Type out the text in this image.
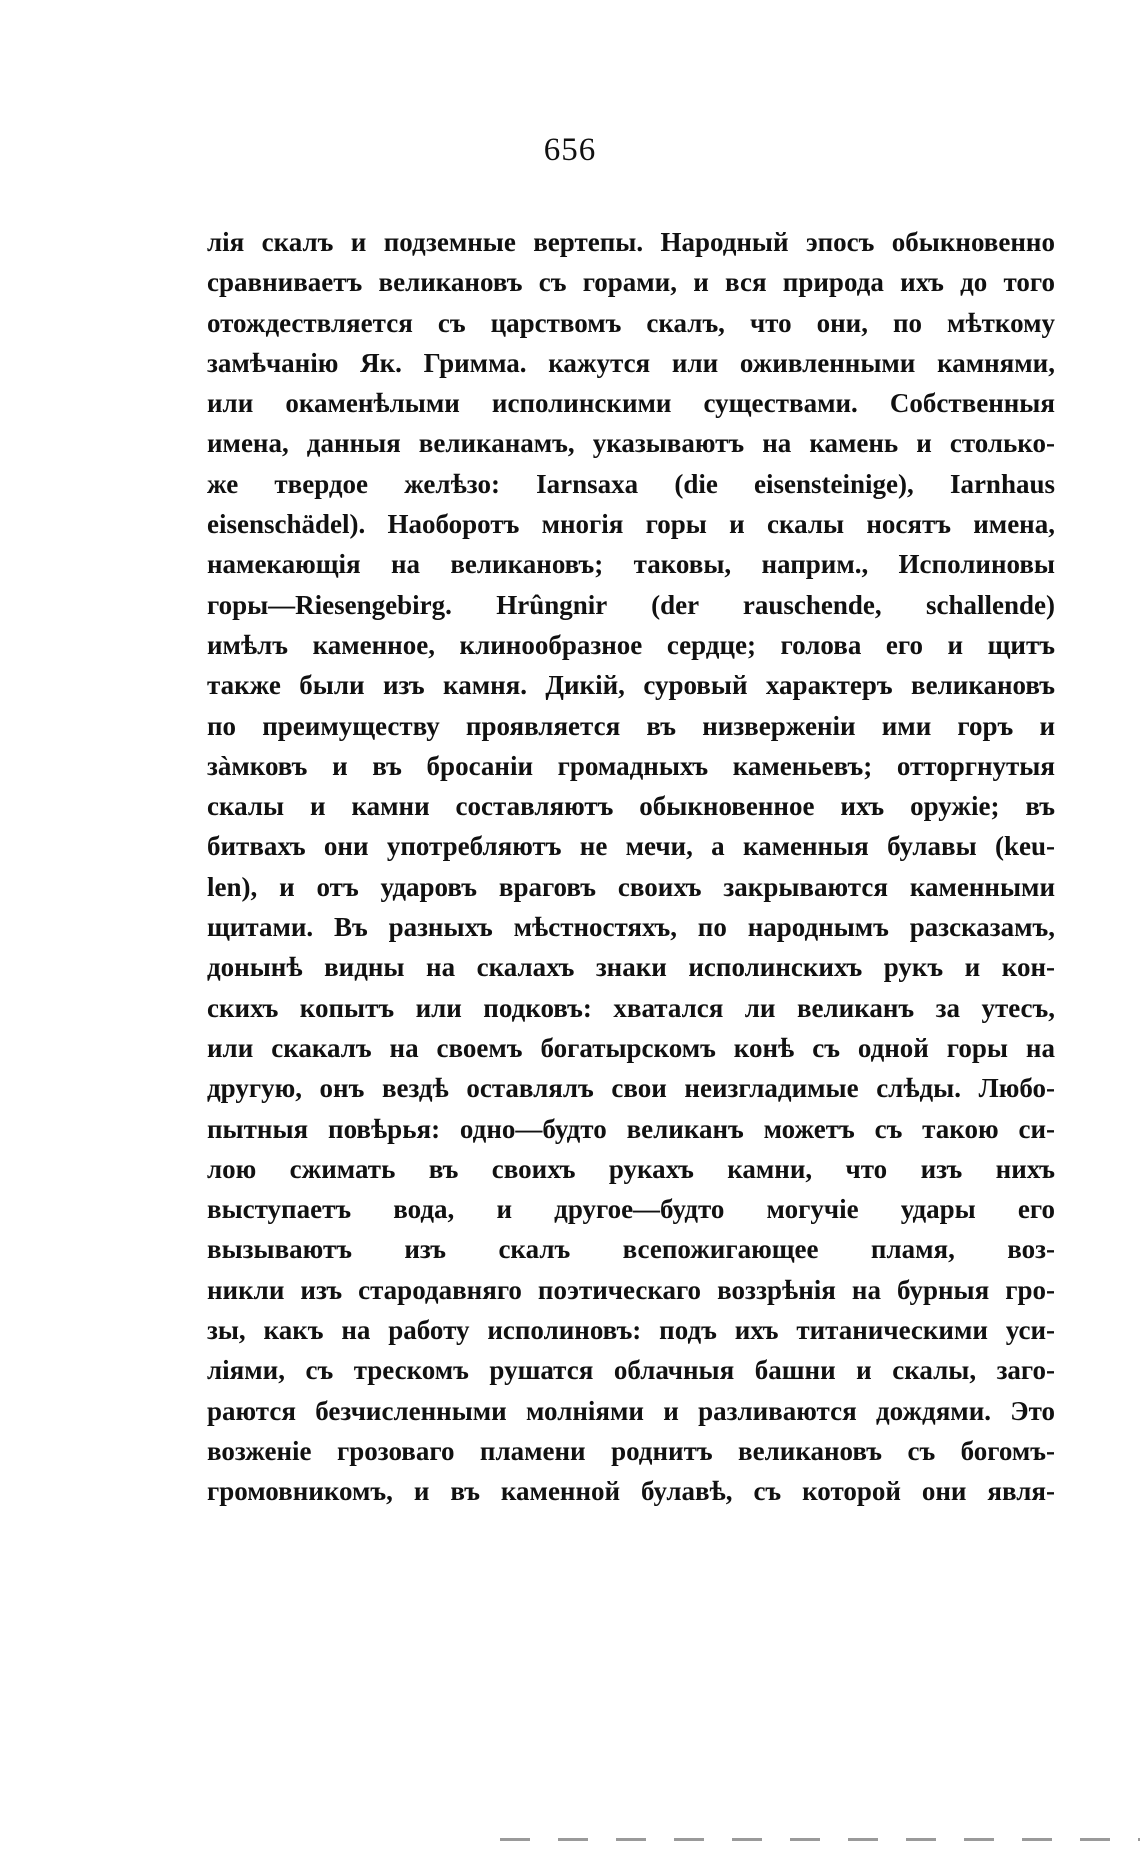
656
лія скалъ и подземные вертепы. Народный эпосъ обыкновенно
сравниваетъ великановъ съ горами, и вся природа ихъ до того
отождествляется съ царствомъ скалъ, что они, по мѣткому
замѣчанію Як. Гримма. кажутся или оживленными камнями,
или окаменѣлыми исполинскими существами. Собственныя
имена, данныя великанамъ, указываютъ на камень и столько-
же твердое желѣзо: Iarnsaxa (die eisensteinige), Iarnhaus
eisenschädel). Наоборотъ многія горы и скалы носятъ имена,
намекающія на великановъ; таковы, наприм., Исполиновы
горы—Riesengebirg. Hrûngnir (der rauschende, schallende)
имѣлъ каменное, клинообразное сердце; голова его и щитъ
также были изъ камня. Дикій, суровый характеръ великановъ
по преимуществу проявляется въ низверженіи ими горъ и
зàмковъ и въ бросаніи громадныхъ каменьевъ; отторгнутыя
скалы и камни составляютъ обыкновенное ихъ оружіе; въ
битвахъ они употребляютъ не мечи, а каменныя булавы (keu-
len), и отъ ударовъ враговъ своихъ закрываются каменными
щитами. Въ разныхъ мѣстностяхъ, по народнымъ разсказамъ,
донынѣ видны на скалахъ знаки исполинскихъ рукъ и кон-
скихъ копытъ или подковъ: хватался ли великанъ за утесъ,
или скакалъ на своемъ богатырскомъ конѣ съ одной горы на
другую, онъ вездѣ оставлялъ свои неизгладимые слѣды. Любо-
пытныя повѣрья: одно—будто великанъ можетъ съ такою си-
лою сжимать въ своихъ рукахъ камни, что изъ нихъ
выступаетъ вода, и другое—будто могучіе удары его
вызываютъ изъ скалъ всепожигающее пламя, воз-
никли изъ стародавняго поэтическаго воззрѣнія на бурныя гро-
зы, какъ на работу исполиновъ: подъ ихъ титаническими уси-
ліями, съ трескомъ рушатся облачныя башни и скалы, заго-
раются безчисленными молніями и разливаются дождями. Это
возженіе грозоваго пламени роднитъ великановъ съ богомъ-
громовникомъ, и въ каменной булавѣ, съ которой они явля-
